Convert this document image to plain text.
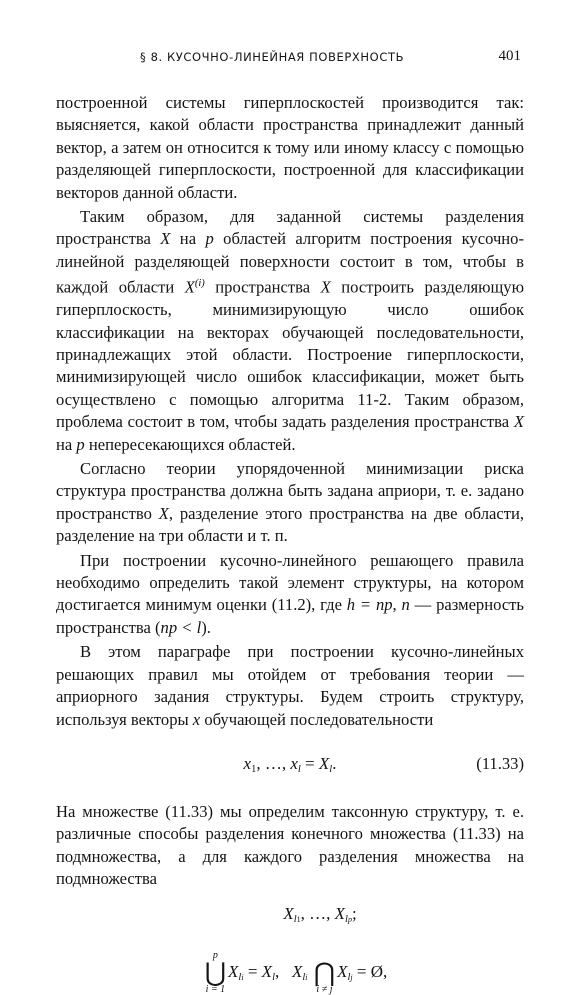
§ 8. КУСОЧНО-ЛИНЕЙНАЯ ПОВЕРХНОСТЬ	401

построенной системы гиперплоскостей производится так: выясняется, какой области пространства принадлежит данный вектор, а затем он относится к тому или иному классу с помощью разделяющей гиперплоскости, построенной для классификации векторов данной области.

Таким образом, для заданной системы разделения пространства X на p областей алгоритм построения кусочно-линейной разделяющей поверхности состоит в том, чтобы в каждой области $X^{(i)}$ пространства X построить разделяющую гиперплоскость, минимизирующую число ошибок классификации на векторах обучающей последовательности, принадлежащих этой области. Построение гиперплоскости, минимизирующей число ошибок классификации, может быть осуществлено с помощью алгоритма 11-2. Таким образом, проблема состоит в том, чтобы задать разделения пространства X на p непересекающихся областей.

Согласно теории упорядоченной минимизации риска структура пространства должна быть задана априори, т. е. задано пространство X, разделение этого пространства на две области, разделение на три области и т. п.

При построении кусочно-линейного решающего правила необходимо определить такой элемент структуры, на котором достигается минимум оценки (11.2), где h = np, n — размерность пространства (np < l).

В этом параграфе при построении кусочно-линейных решающих правил мы отойдем от требования теории — априорного задания структуры. Будем строить структуру, используя векторы x обучающей последовательности

$x_1$, …, $x_l = X_l$.	(11.33)

На множестве (11.33) мы определим таксонную структуру, т. е. различные способы разделения конечного множества (11.33) на подмножества, а для каждого разделения множества на подмножества

$X_{l1}$, …, $X_{lp}$;
p
⋃
i = 1
$X_{li} = X_l$, $X_{li}$
⋂
i ≠ j
$X_{lj}$ = Ø,
